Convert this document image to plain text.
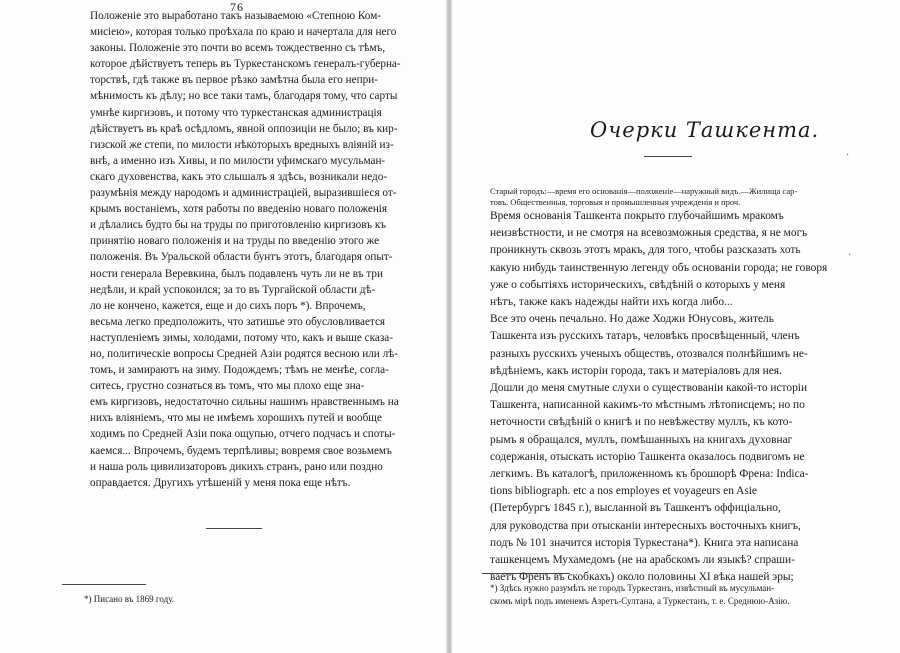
76
Положеніе это выработано такъ называемою «Степною Ком-
мисіею», которая только проѣхала по краю и начертала для него
законы. Положеніе это почти во всемъ тождественно съ тѣмъ,
которое дѣйствуетъ теперь въ Туркестанскомъ генералъ-губерна-
торствѣ, гдѣ также въ первое рѣзко замѣтна была его непри-
мѣнимость къ дѣлу; но все таки тамъ, благодаря тому, что сарты
умнѣе киргизовъ, и потому что туркестанская администрація
дѣйствуетъ въ краѣ осѣдломъ, явной оппозиціи не было; въ кир-
гизской же степи, по милости нѣкоторыхъ вредныхъ вліяній из-
внѣ, а именно изъ Хивы, и по милости уфимскаго мусульман-
скаго духовенства, какъ это слышалъ я здѣсь, возникали недо-
разумѣнія между народомъ и администраціей, выразившіеся от-
крымъ востаніемъ, хотя работы по введенію новаго положенія
и дѣлались будто бы на труды по приготовленію киргизовъ къ
принятію новаго положенія и на труды по введенію этого же
положенія. Въ Уральской области бунтъ этотъ, благодаря опыт-
ности генерала Веревкина, былъ подавленъ чуть ли не въ три
недѣли, и край успокоился; за то въ Тургайской области дѣ-
ло не кончено, кажется, еще и до сихъ поръ *). Впрочемъ,
весьма легко предположить, что затишье это обусловливается
наступленіемъ зимы, холодами, потому что, какъ и выше сказа-
но, политическіе вопросы Средней Азіи родятся весною или лѣ-
томъ, и замираютъ на зиму. Подождемъ; тѣмъ не менѣе, согла-
ситесь, грустно сознаться въ томъ, что мы плохо еще зна-
емъ киргизовъ, недостаточно сильны нашимъ нравственнымъ на
нихъ вліяніемъ, что мы не имѣемъ хорошихъ путей и вообще
ходимъ по Средней Азіи пока ощупью, отчего подчасъ и споты-
каемся... Впрочемъ, будемъ терпѣливы; вовремя свое возьмемъ
и наша роль цивилизаторовъ дикихъ странъ, рано или поздно
оправдается. Другихъ утѣшеній у меня пока еще нѣтъ.
*) Писано въ 1869 году.
Очерки Ташкента.
Старый городъ:—время его основанія—положеніе—наружный видъ.—Жилища сар-
товъ. Общественныя, торговыя и промышленныя учрежденія и проч.
Время основанія Ташкента покрыто глубочайшимъ мракомъ
неизвѣстности, и не смотря на всевозможныя средства, я не могъ
проникнуть сквозь этотъ мракъ, для того, чтобы разсказать хоть
какую нибудь таинственную легенду объ основаніи города; не говоря
уже о событіяхъ историческихъ, свѣдѣній о которыхъ у меня
нѣтъ, также какъ надежды найти ихъ когда либо...
Все это очень печально. Но даже Ходжи Юнусовъ, житель
Ташкента изъ русскихъ татаръ, человѣкъ просвѣщенный, членъ
разныхъ русскихъ ученыхъ обществъ, отозвался полнѣйшимъ не-
вѣдѣніемъ, какъ исторіи города, такъ и матеріаловъ для нея.
Дошли до меня смутные слухи о существованіи какой-то исторіи
Ташкента, написанной какимъ-то мѣстнымъ лѣтописцемъ; но по
неточности свѣдѣній о книгѣ и по невѣжеству муллъ, къ кото-
рымъ я обращался, муллъ, помѣшанныхъ на книгахъ духовнаг
содержанія, отыскать исторію Ташкента оказалось подвигомъ не
легкимъ. Въ каталогѣ, приложенномъ къ брошюрѣ Френа: Indica-
tions bibliograph. etc a nos employes et voyageurs en Asie
(Петербургъ 1845 г.), высланной въ Ташкентъ оффиціально,
для руководства при отысканіи интересныхъ восточныхъ книгъ,
подъ № 101 значится исторія Туркестана*). Книга эта написана
ташкенцемъ Мухамедомъ (не на арабскомъ ли языкѣ? спраши-
ваетъ Френъ въ скобкахъ) около половины XI вѣка нашей эры;
*) Здѣсь нужно разумѣть не городъ Туркестанъ, извѣстный въ мусульман-
скомъ мірѣ подъ именемъ Азретъ-Султана, а Туркестанъ, т. е. Среднюю-Азію.
·
·
